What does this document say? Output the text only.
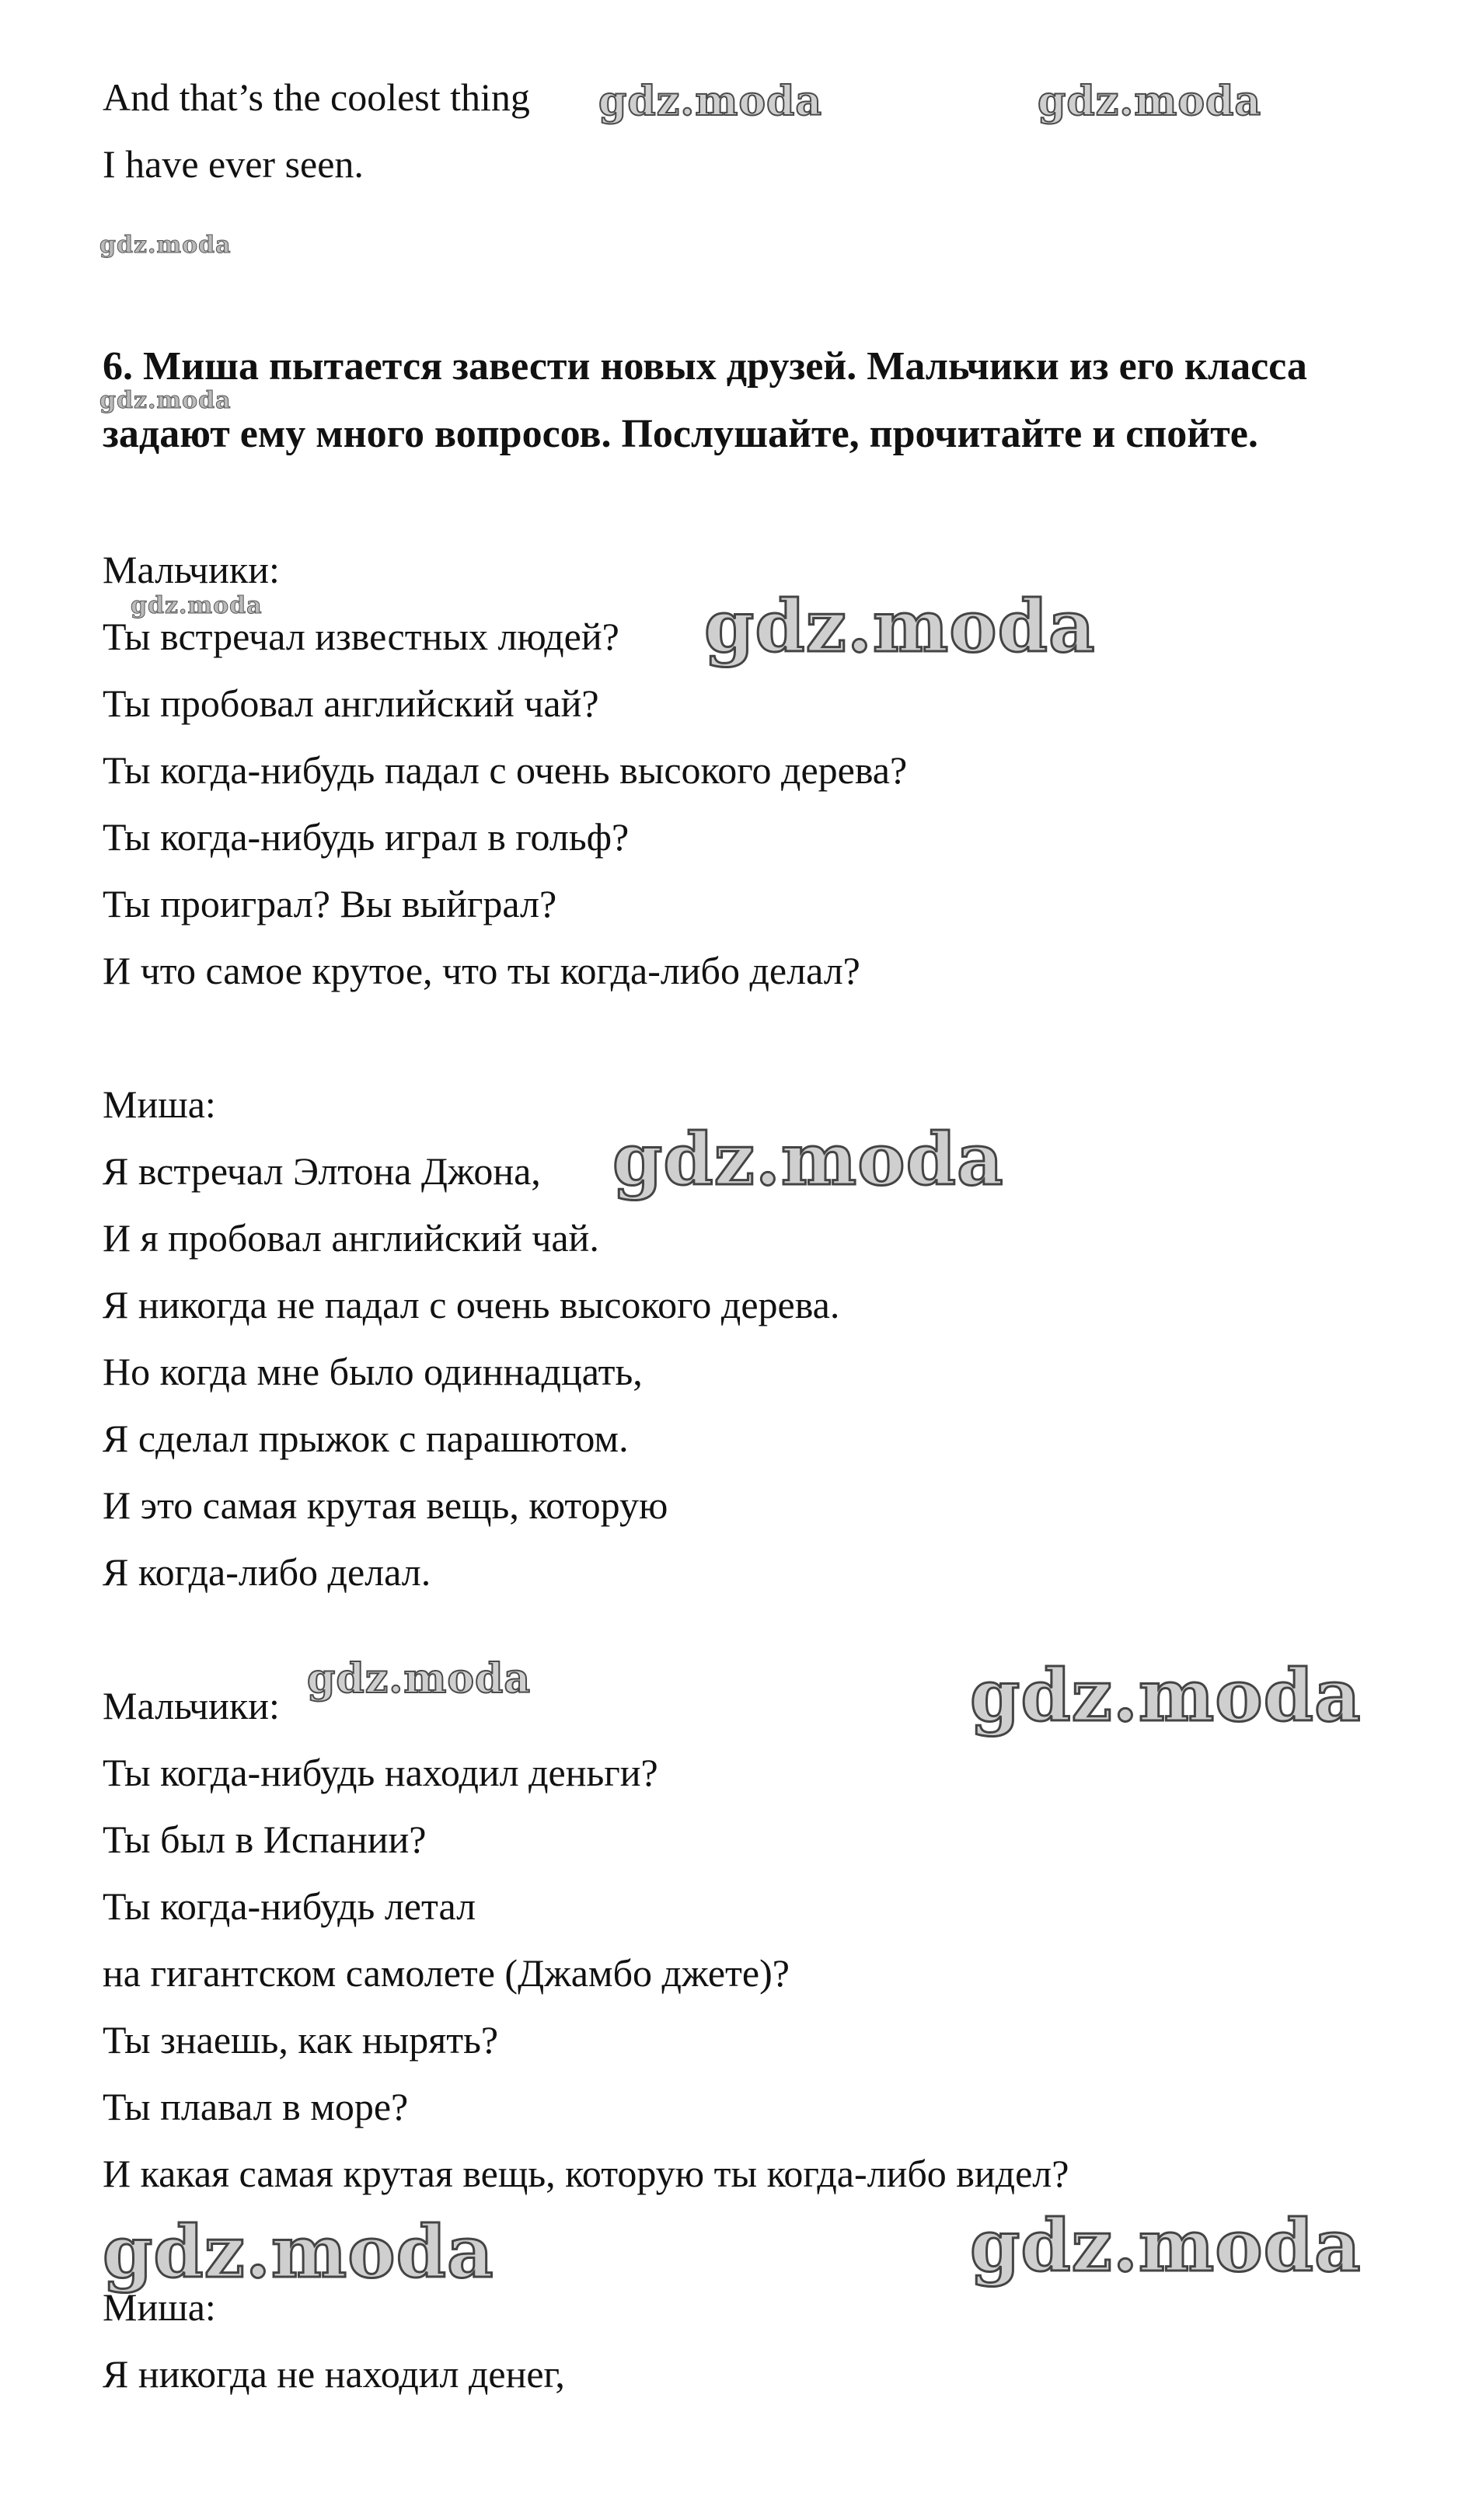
And that’s the coolest thing
I have ever seen.
6. Миша пытается завести новых друзей. Мальчики из его класса задают ему много вопросов. Послушайте, прочитайте и спойте.
Мальчики:
Ты встречал известных людей?
Ты пробовал английский чай?
Ты когда-нибудь падал с очень высокого дерева?
Ты когда-нибудь играл в гольф?
Ты проиграл? Вы выйграл?
И что самое крутое, что ты когда-либо делал?
Миша:
Я встречал Элтона Джона,
И я пробовал английский чай.
Я никогда не падал с очень высокого дерева.
Но когда мне было одиннадцать,
Я сделал прыжок с парашютом.
И это самая крутая вещь, которую
Я когда-либо делал.
Мальчики:
Ты когда-нибудь находил деньги?
Ты был в Испании?
Ты когда-нибудь летал
на гигантском самолете (Джамбо джете)?
Ты знаешь, как нырять?
Ты плавал в море?
И какая самая крутая вещь, которую ты когда-либо видел?
Миша:
Я никогда не находил денег,
gdz.moda	gdz.moda
gdz.moda
gdz.moda
gdz.moda	gdz.moda
gdz.moda
gdz.moda	gdz.moda
gdz.moda	gdz.moda
